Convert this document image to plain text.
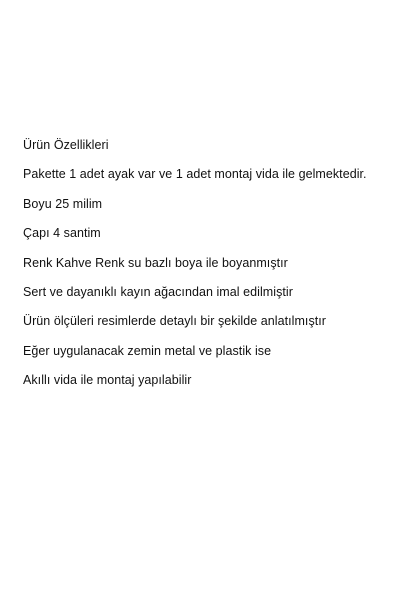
Ürün Özellikleri
Pakette 1 adet ayak var ve 1 adet montaj vida ile gelmektedir.
Boyu 25 milim
Çapı 4 santim
Renk Kahve Renk su bazlı boya ile boyanmıştır
Sert ve dayanıklı kayın ağacından imal edilmiştir
Ürün ölçüleri resimlerde detaylı bir şekilde anlatılmıştır
Eğer uygulanacak zemin metal ve plastik ise
Akıllı vida ile montaj yapılabilir
